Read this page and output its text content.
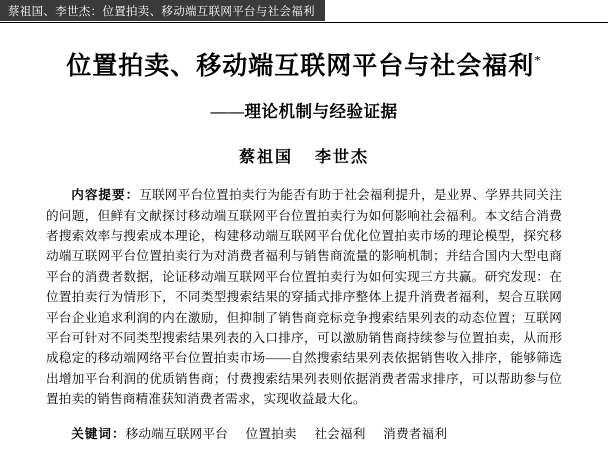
蔡祖国、李世杰：位置拍卖、移动端互联网平台与社会福利
位置拍卖、移动端互联网平台与社会福利*
——理论机制与经验证据
蔡祖国 李世杰
内容提要：互联网平台位置拍卖行为能否有助于社会福利提升，是业界、学界共同关注的问题，但鲜有文献探讨移动端互联网平台位置拍卖行为如何影响社会福利。本文结合消费者搜索效率与搜索成本理论，构建移动端互联网平台优化位置拍卖市场的理论模型，探究移动端互联网平台位置拍卖行为对消费者福利与销售商流量的影响机制；并结合国内大型电商平台的消费者数据，论证移动端互联网平台位置拍卖行为如何实现三方共赢。研究发现：在位置拍卖行为情形下，不同类型搜索结果的穿插式排序整体上提升消费者福利，契合互联网平台企业追求利润的内在激励，但抑制了销售商竞标竞争搜索结果列表的动态位置；互联网平台可针对不同类型搜索结果列表的入口排序，可以激励销售商持续参与位置拍卖，从而形成稳定的移动端网络平台位置拍卖市场——自然搜索结果列表依据销售收入排序，能够筛选出增加平台利润的优质销售商；付费搜索结果列表则依据消费者需求排序，可以帮助参与位置拍卖的销售商精准获知消费者需求，实现收益最大化。
关键词：移动端互联网平台 位置拍卖 社会福利 消费者福利
